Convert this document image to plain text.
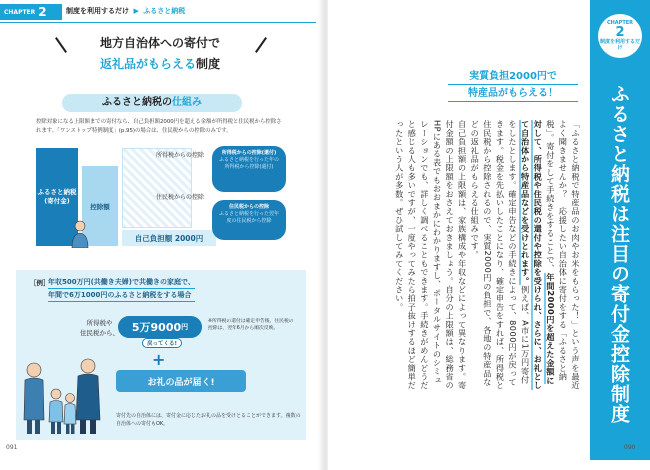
CHAPTER 2	制度を利用するだけ ▶ ふるさと納税
地方自治体への寄付で
返礼品がもらえる制度
ふるさと納税の仕組み
控除対象になる上限額までの寄付なら、自己負担額2000円を超える金額が所得税と住民税から控除されます。「ワンストップ特例制度」(p.95)の場合は、住民税からの控除のみです。
ふるさと納税(寄付金)
控除額
所得税からの控除
住民税からの控除
自己負担額 2000円
所得税からの控除(還付)
ふるさと納税を行った年の所得税から控除(還付)
住民税からの控除
ふるさと納税を行った翌年度の住民税から控除
［例］
年収500万円(共働き夫婦)で共働きの家庭で、
年間で6万1000円のふるさと納税をする場合
所得税や
住民税から、 5万9000 円
戻ってくる!
※所得税の還付は確定申告後、住民税の控除は、翌年6月から順次反映。
+
お礼の品が届く!
寄付先の自治体には、寄付金に応じたお礼の品を受けとることができます。複数の自治体への寄付もOK。
091
実質負担2000円で
特産品がもらえる！
「ふるさと納税で特産品のお肉やお米をもらった！」という声を最近よく聞きませんか？　応援したい自治体に寄付をする「ふるさと納税」。寄付をして手続きをすることで、年間2000円を超えた金額に対して、所得税や住民税の還付や控除を受けられ、さらに、お礼として自治体から特産品などを受けとれます。例えば、A市に1万円寄付をしたとします。確定申告などの手続きによって、8000円が戻ってきます。税金を先払いしたことになり、確定申告をすれば、所得税と住民税から控除されるので、実質2000円の負担で、各地の特産品などの返礼品がもらえる仕組みです。
自己負担額の上限額は、家族構成や年収などによって異なります。寄付金額の上限額をおさえておきましょう。自分の上限額は、総務省のHPにある表でもおおまかにわかりますし、ポータルサイトのシミュレーションでも、詳しく調べることもできます。手続きがめんどうだと感じる人も多いですが、一度やってみたら拍子抜けするほど簡単だったという人が多数。ぜひ試してみてください。
CHAPTER
2
制度を利用するだけ
ふるさと納税は注目の寄付金控除制度
090
